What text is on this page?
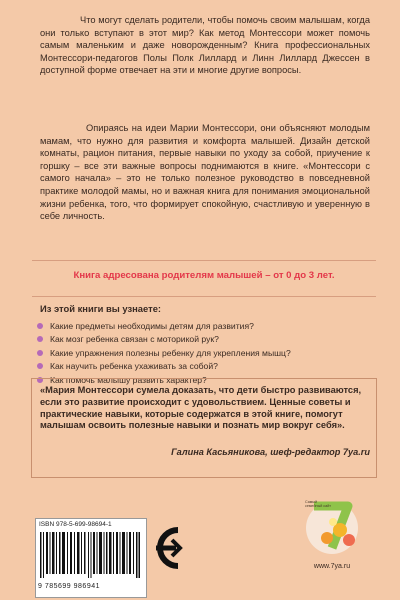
Что могут сделать родители, чтобы помочь своим малышам, когда они только вступают в этот мир? Как метод Монтессори может помочь самым маленьким и даже новорожденным? Книга профессиональных Монтессори-педагогов Полы Полк Лиллард и Линн Лиллард Джессен в доступной форме отвечает на эти и многие другие вопросы.
Опираясь на идеи Марии Монтессори, они объясняют молодым мамам, что нужно для развития и комфорта малышей. Дизайн детской комнаты, рацион питания, первые навыки по уходу за собой, приучение к горшку – все эти важные вопросы поднимаются в книге. «Монтессори с самого начала» – это не только полезное руководство в повседневной практике молодой мамы, но и важная книга для понимания эмоциональной жизни ребенка, того, что формирует спокойную, счастливую и уверенную в себе личность.
Книга адресована родителям малышей – от 0 до 3 лет.
Из этой книги вы узнаете:
Какие предметы необходимы детям для развития?
Как мозг ребенка связан с моторикой рук?
Какие упражнения полезны ребенку для укрепления мышц?
Как научить ребенка ухаживать за собой?
Как помочь малышу развить характер?
«Мария Монтессори сумела доказать, что дети быстро развиваются, если это развитие происходит с удовольствием. Ценные советы и практические навыки, которые содержатся в этой книге, помогут малышам освоить полезные навыки и познать мир вокруг себя».
Галина Касьяникова, шеф-редактор 7ya.ru
ISBN 978-5-699-98694-1
9 785699 986941
Самый семейный сайт
www.7ya.ru
